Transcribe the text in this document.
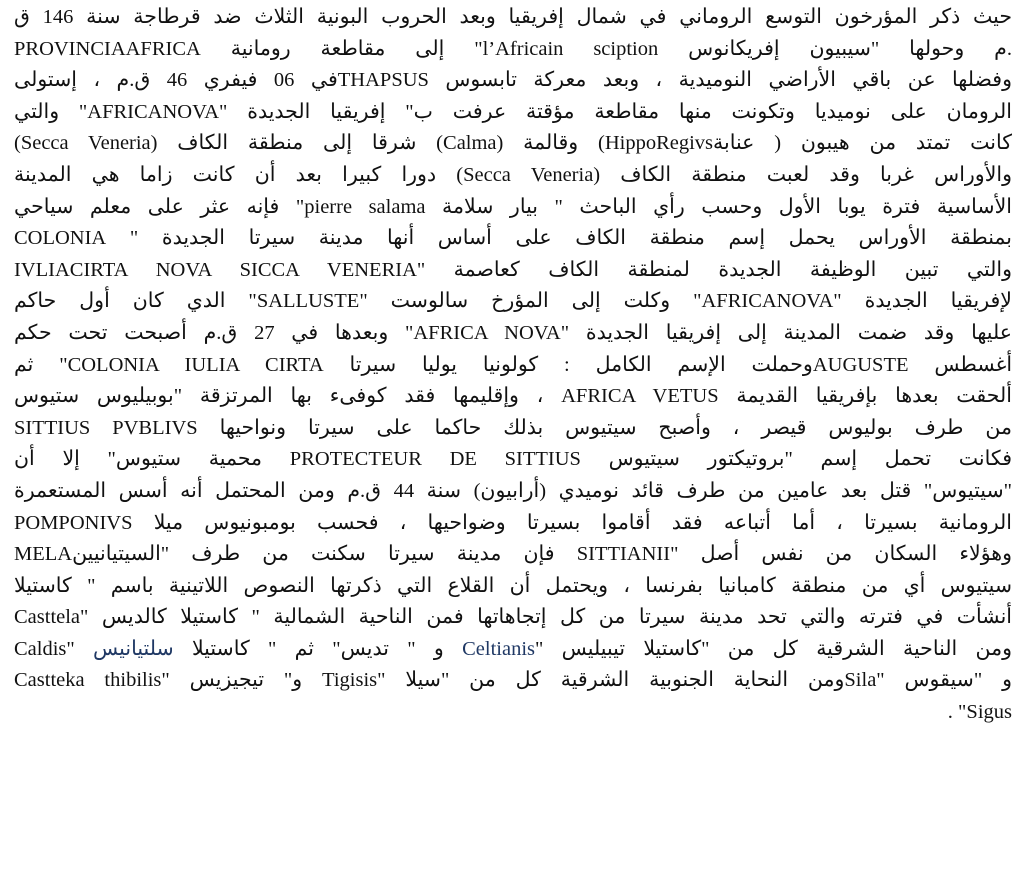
حيث ذكر المؤرخون التوسع الروماني في شمال إفريقيا وبعد الحروب البونية الثلاث ضد قرطاجة سنة 146 ق

.م وحولها "سيبيون إفريكانوس l’Africain sciption" إلى مقاطعة رومانية PROVINCIAAFRICA

وفضلها عن باقي الأراضي النوميدية ، وبعد معركة تابسوس THAPSUSفي 06 فيفري 46 ق.م ، إستولى

الرومان على نوميديا وتكونت منها مقاطعة مؤقتة عرفت ب" إفريقيا الجديدة "AFRICANOVA" والتي

كانت تمتد من هيبون ( عنابةHippoRegivs) وقالمة (Calma) شرقا إلى منطقة الكاف (Secca Veneria)

والأوراس غربا وقد لعبت منطقة الكاف (Secca Veneria) دورا كبيرا بعد أن كانت زاما هي المدينة

الأساسية فترة يوبا الأول وحسب رأي الباحث " بيار سلامة pierre salama" فإنه عثر على معلم سياحي

بمنطقة الأوراس يحمل إسم منطقة الكاف على أساس أنها مدينة سيرتا الجديدة " COLONIA

IVLIACIRTA NOVA SICCA VENERIA" والتي تبين الوظيفة الجديدة لمنطقة الكاف كعاصمة

لإفريقيا الجديدة "AFRICANOVA" وكلت إلى المؤرخ سالوست "SALLUSTE" الدي كان أول حاكم

عليها وقد ضمت المدينة إلى إفريقيا الجديدة "AFRICA NOVA" وبعدها في 27 ق.م أصبحت تحت حكم

أغسطس AUGUSTEوحملت الإسم الكامل : كولونيا يوليا سيرتا COLONIA IULIA CIRTA" ثم

ألحقت بعدها بإفريقيا القديمة AFRICA VETUS ، وإقليمها فقد كوفىء بها المرتزقة "بوبيليوس ستيوس

SITTIUS PVBLIVS من طرف بوليوس قيصر ، وأصبح سيتيوس بذلك حاكما على سيرتا ونواحيها

فكانت تحمل إسم "بروتيكتور سيتيوس PROTECTEUR DE SITTIUS محمية ستيوس" إلا أن

"سيتيوس" قتل بعد عامين من طرف قائد نوميدي (أرابيون) سنة 44 ق.م ومن المحتمل أنه أسس المستعمرة

الرومانية بسيرتا ، أما أتباعه فقد أقاموا بسيرتا وضواحيها ، فحسب بومبونيوس ميلا POMPONIVS

MELAفإن مدينة سيرتا سكنت من طرف "السيتيانيين SITTIANII" وهؤلاء السكان من نفس أصل

سيتيوس أي من منطقة كامبانيا بفرنسا ، ويحتمل أن القلاع التي ذكرتها النصوص اللاتينية باسم " كاستيلا

Casttela" أنشأت في فترته والتي تحد مدينة سيرتا من كل إتجاهاتها فمن الناحية الشمالية " كاستيلا كالديس

Caldis" و " تديس" ثم " كاستيلا سلتيانيس Celtianis" ومن الناحية الشرقية كل من "كاستيلا تيبيليس

Castteka thibilis" و" تيجيزيس Tigisis" ومن النحاية الجنوبية الشرقية كل من "سيلاSila" و "سيقوس

. "Sigus
